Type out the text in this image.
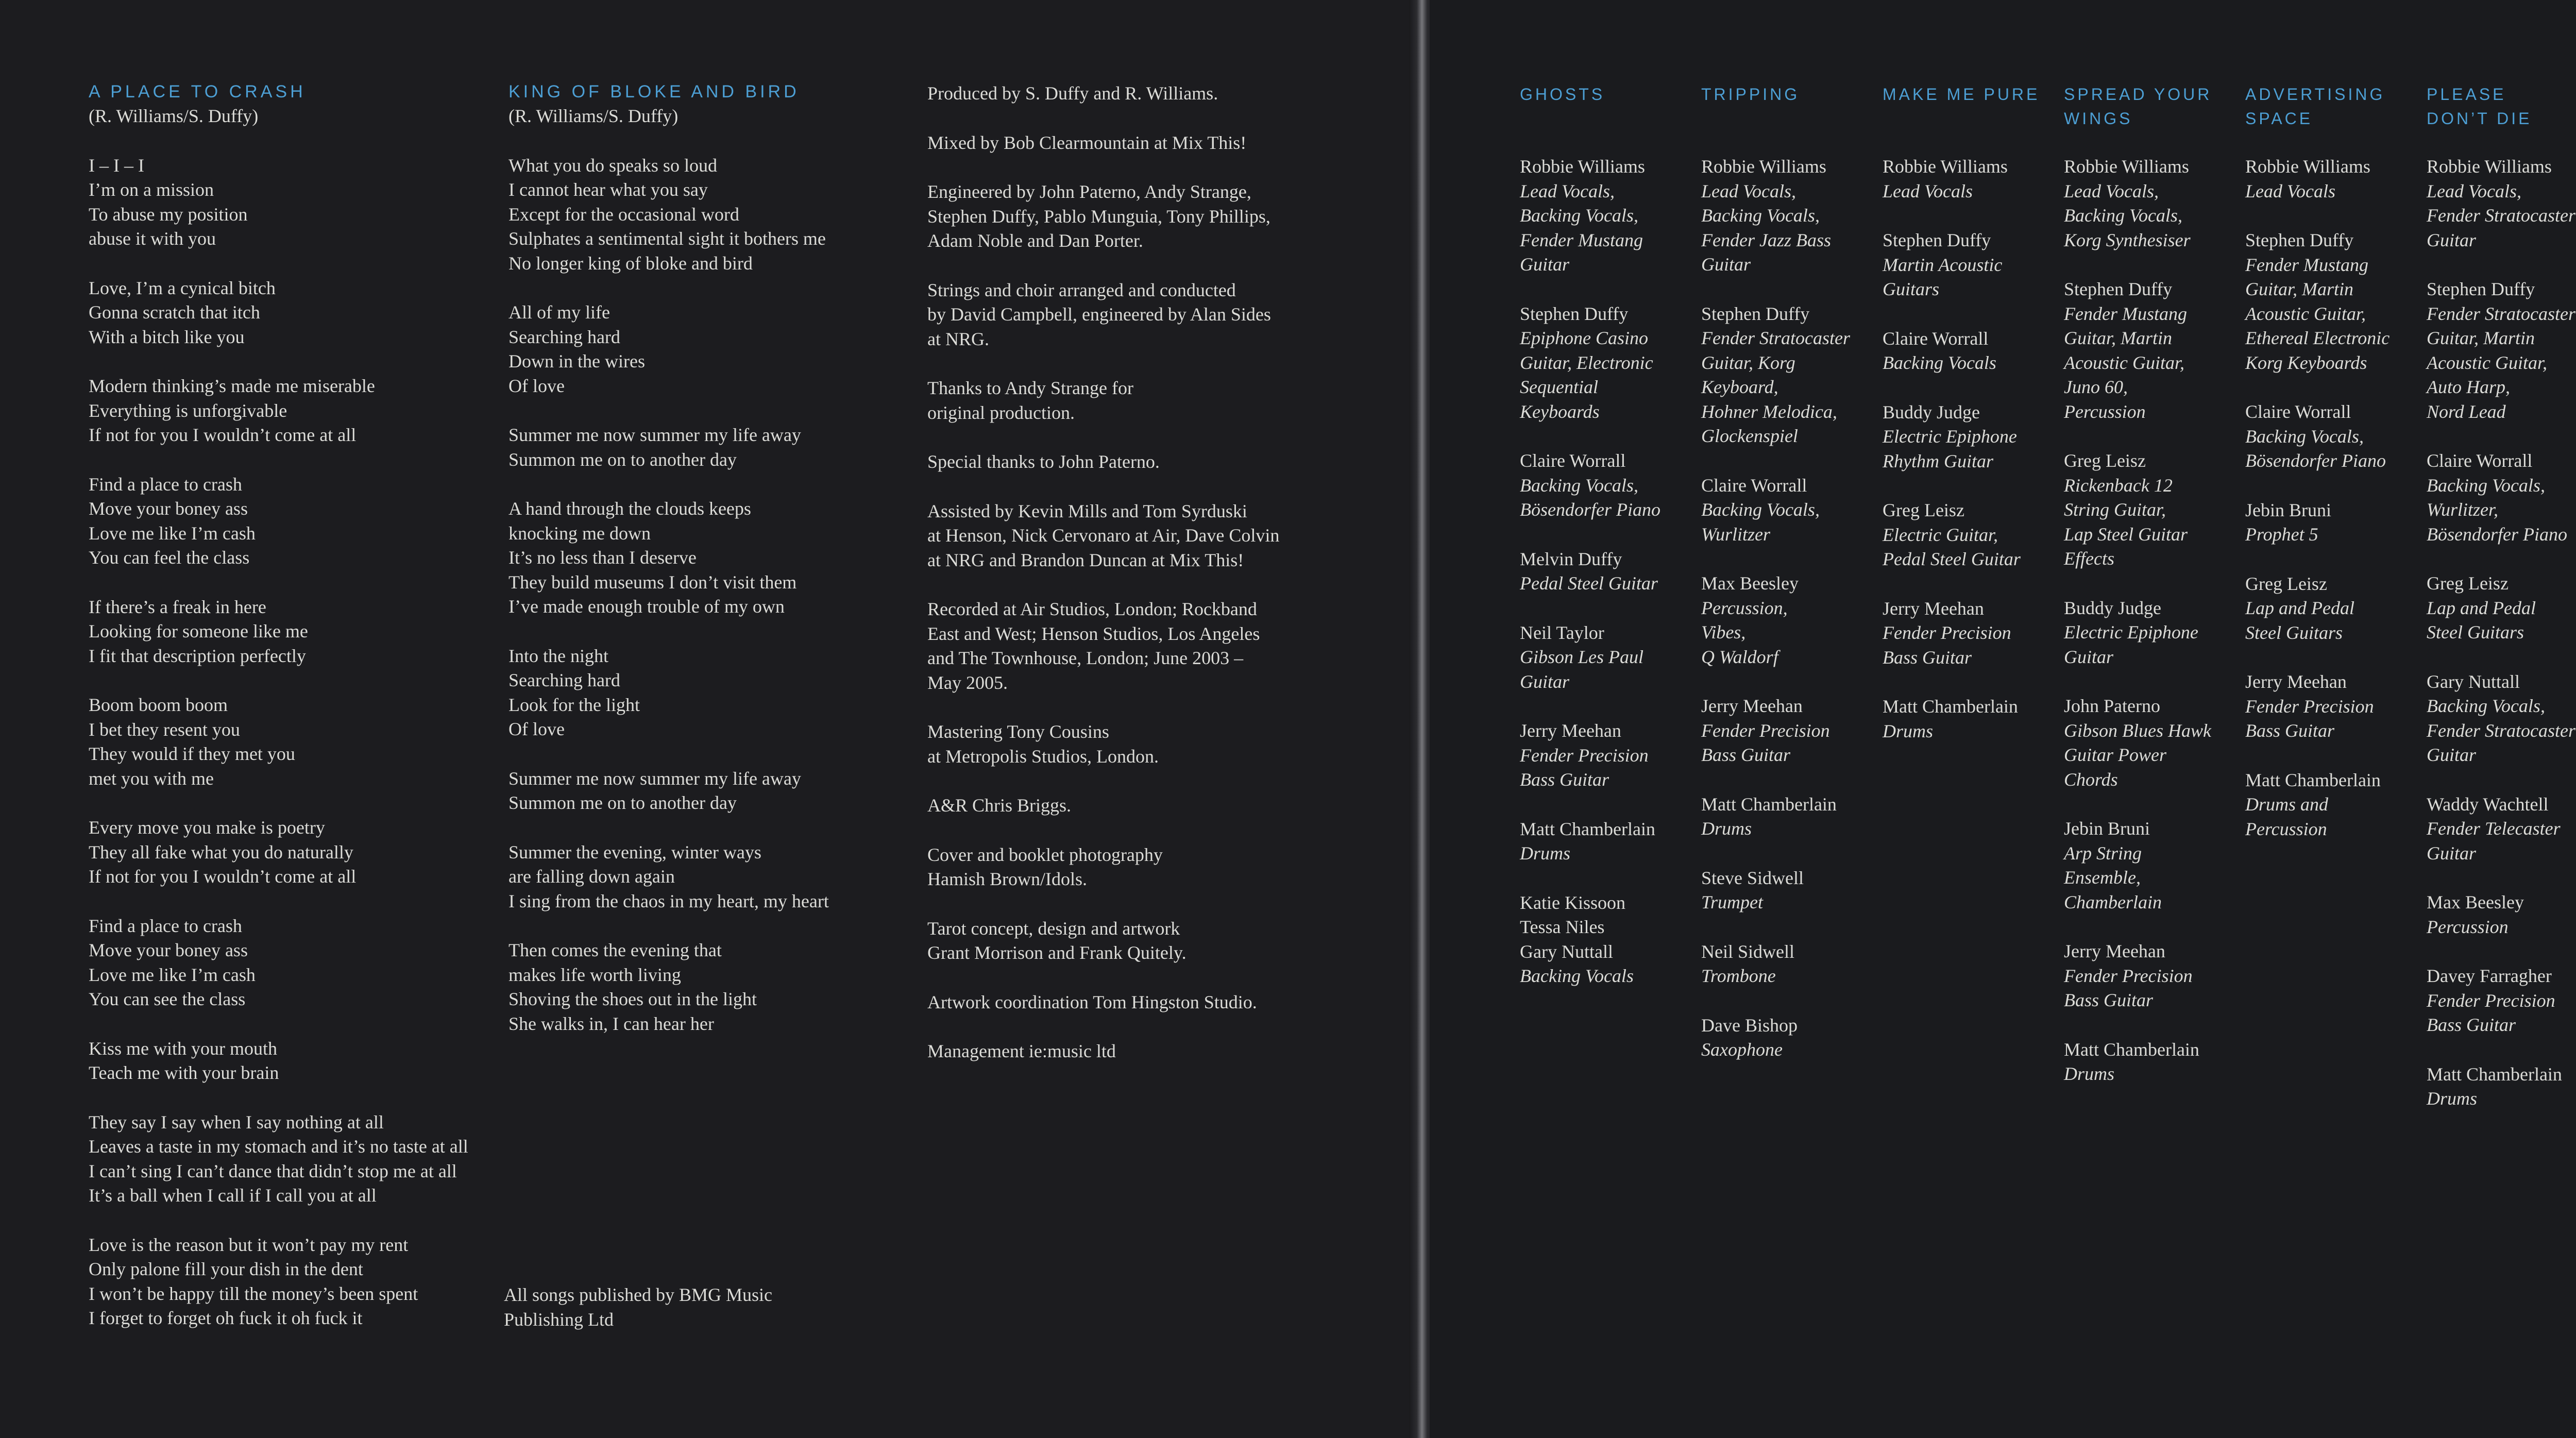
A PLACE TO CRASH
(R. Williams/S. Duffy)
I – I – I
I’m on a mission
To abuse my position
abuse it with you
Love, I’m a cynical bitch
Gonna scratch that itch
With a bitch like you
Modern thinking’s made me miserable
Everything is unforgivable
If not for you I wouldn’t come at all
Find a place to crash
Move your boney ass
Love me like I’m cash
You can feel the class
If there’s a freak in here
Looking for someone like me
I fit that description perfectly
Boom boom boom
I bet they resent you
They would if they met you
met you with me
Every move you make is poetry
They all fake what you do naturally
If not for you I wouldn’t come at all
Find a place to crash
Move your boney ass
Love me like I’m cash
You can see the class
Kiss me with your mouth
Teach me with your brain
They say I say when I say nothing at all
Leaves a taste in my stomach and it’s no taste at all
I can’t sing I can’t dance that didn’t stop me at all
It’s a ball when I call if I call you at all
Love is the reason but it won’t pay my rent
Only palone fill your dish in the dent
I won’t be happy till the money’s been spent
I forget to forget oh fuck it oh fuck it
KING OF BLOKE AND BIRD
(R. Williams/S. Duffy)
What you do speaks so loud
I cannot hear what you say
Except for the occasional word
Sulphates a sentimental sight it bothers me
No longer king of bloke and bird
All of my life
Searching hard
Down in the wires
Of love
Summer me now summer my life away
Summon me on to another day
A hand through the clouds keeps
knocking me down
It’s no less than I deserve
They build museums I don’t visit them
I’ve made enough trouble of my own
Into the night
Searching hard
Look for the light
Of love
Summer me now summer my life away
Summon me on to another day
Summer the evening, winter ways
are falling down again
I sing from the chaos in my heart, my heart
Then comes the evening that
makes life worth living
Shoving the shoes out in the light
She walks in, I can hear her
All songs published by BMG Music
Publishing Ltd
Produced by S. Duffy and R. Williams.
Mixed by Bob Clearmountain at Mix This!
Engineered by John Paterno, Andy Strange,
Stephen Duffy, Pablo Munguia, Tony Phillips,
Adam Noble and Dan Porter.
Strings and choir arranged and conducted
by David Campbell, engineered by Alan Sides
at NRG.
Thanks to Andy Strange for
original production.
Special thanks to John Paterno.
Assisted by Kevin Mills and Tom Syrduski
at Henson, Nick Cervonaro at Air, Dave Colvin
at NRG and Brandon Duncan at Mix This!
Recorded at Air Studios, London; Rockband
East and West; Henson Studios, Los Angeles
and The Townhouse, London; June 2003 –
May 2005.
Mastering Tony Cousins
at Metropolis Studios, London.
A&R Chris Briggs.
Cover and booklet photography
Hamish Brown/Idols.
Tarot concept, design and artwork
Grant Morrison and Frank Quitely.
Artwork coordination Tom Hingston Studio.
Management ie:music ltd
GHOSTS
Robbie Williams
Lead Vocals,
Backing Vocals,
Fender Mustang
Guitar
Stephen Duffy
Epiphone Casino
Guitar, Electronic
Sequential
Keyboards
Claire Worrall
Backing Vocals,
Bösendorfer Piano
Melvin Duffy
Pedal Steel Guitar
Neil Taylor
Gibson Les Paul
Guitar
Jerry Meehan
Fender Precision
Bass Guitar
Matt Chamberlain
Drums
Katie Kissoon
Tessa Niles
Gary Nuttall
Backing Vocals
TRIPPING
Robbie Williams
Lead Vocals,
Backing Vocals,
Fender Jazz Bass
Guitar
Stephen Duffy
Fender Stratocaster
Guitar, Korg
Keyboard,
Hohner Melodica,
Glockenspiel
Claire Worrall
Backing Vocals,
Wurlitzer
Max Beesley
Percussion,
Vibes,
Q Waldorf
Jerry Meehan
Fender Precision
Bass Guitar
Matt Chamberlain
Drums
Steve Sidwell
Trumpet
Neil Sidwell
Trombone
Dave Bishop
Saxophone
MAKE ME PURE
Robbie Williams
Lead Vocals
Stephen Duffy
Martin Acoustic
Guitars
Claire Worrall
Backing Vocals
Buddy Judge
Electric Epiphone
Rhythm Guitar
Greg Leisz
Electric Guitar,
Pedal Steel Guitar
Jerry Meehan
Fender Precision
Bass Guitar
Matt Chamberlain
Drums
SPREAD YOUR
WINGS
Robbie Williams
Lead Vocals,
Backing Vocals,
Korg Synthesiser
Stephen Duffy
Fender Mustang
Guitar, Martin
Acoustic Guitar,
Juno 60,
Percussion
Greg Leisz
Rickenback 12
String Guitar,
Lap Steel Guitar
Effects
Buddy Judge
Electric Epiphone
Guitar
John Paterno
Gibson Blues Hawk
Guitar Power
Chords
Jebin Bruni
Arp String
Ensemble,
Chamberlain
Jerry Meehan
Fender Precision
Bass Guitar
Matt Chamberlain
Drums
ADVERTISING
SPACE
Robbie Williams
Lead Vocals
Stephen Duffy
Fender Mustang
Guitar, Martin
Acoustic Guitar,
Ethereal Electronic
Korg Keyboards
Claire Worrall
Backing Vocals,
Bösendorfer Piano
Jebin Bruni
Prophet 5
Greg Leisz
Lap and Pedal
Steel Guitars
Jerry Meehan
Fender Precision
Bass Guitar
Matt Chamberlain
Drums and
Percussion
PLEASE
DON’T DIE
Robbie Williams
Lead Vocals,
Fender Stratocaster
Guitar
Stephen Duffy
Fender Stratocaster
Guitar, Martin
Acoustic Guitar,
Auto Harp,
Nord Lead
Claire Worrall
Backing Vocals,
Wurlitzer,
Bösendorfer Piano
Greg Leisz
Lap and Pedal
Steel Guitars
Gary Nuttall
Backing Vocals,
Fender Stratocaster
Guitar
Waddy Wachtell
Fender Telecaster
Guitar
Max Beesley
Percussion
Davey Farragher
Fender Precision
Bass Guitar
Matt Chamberlain
Drums
